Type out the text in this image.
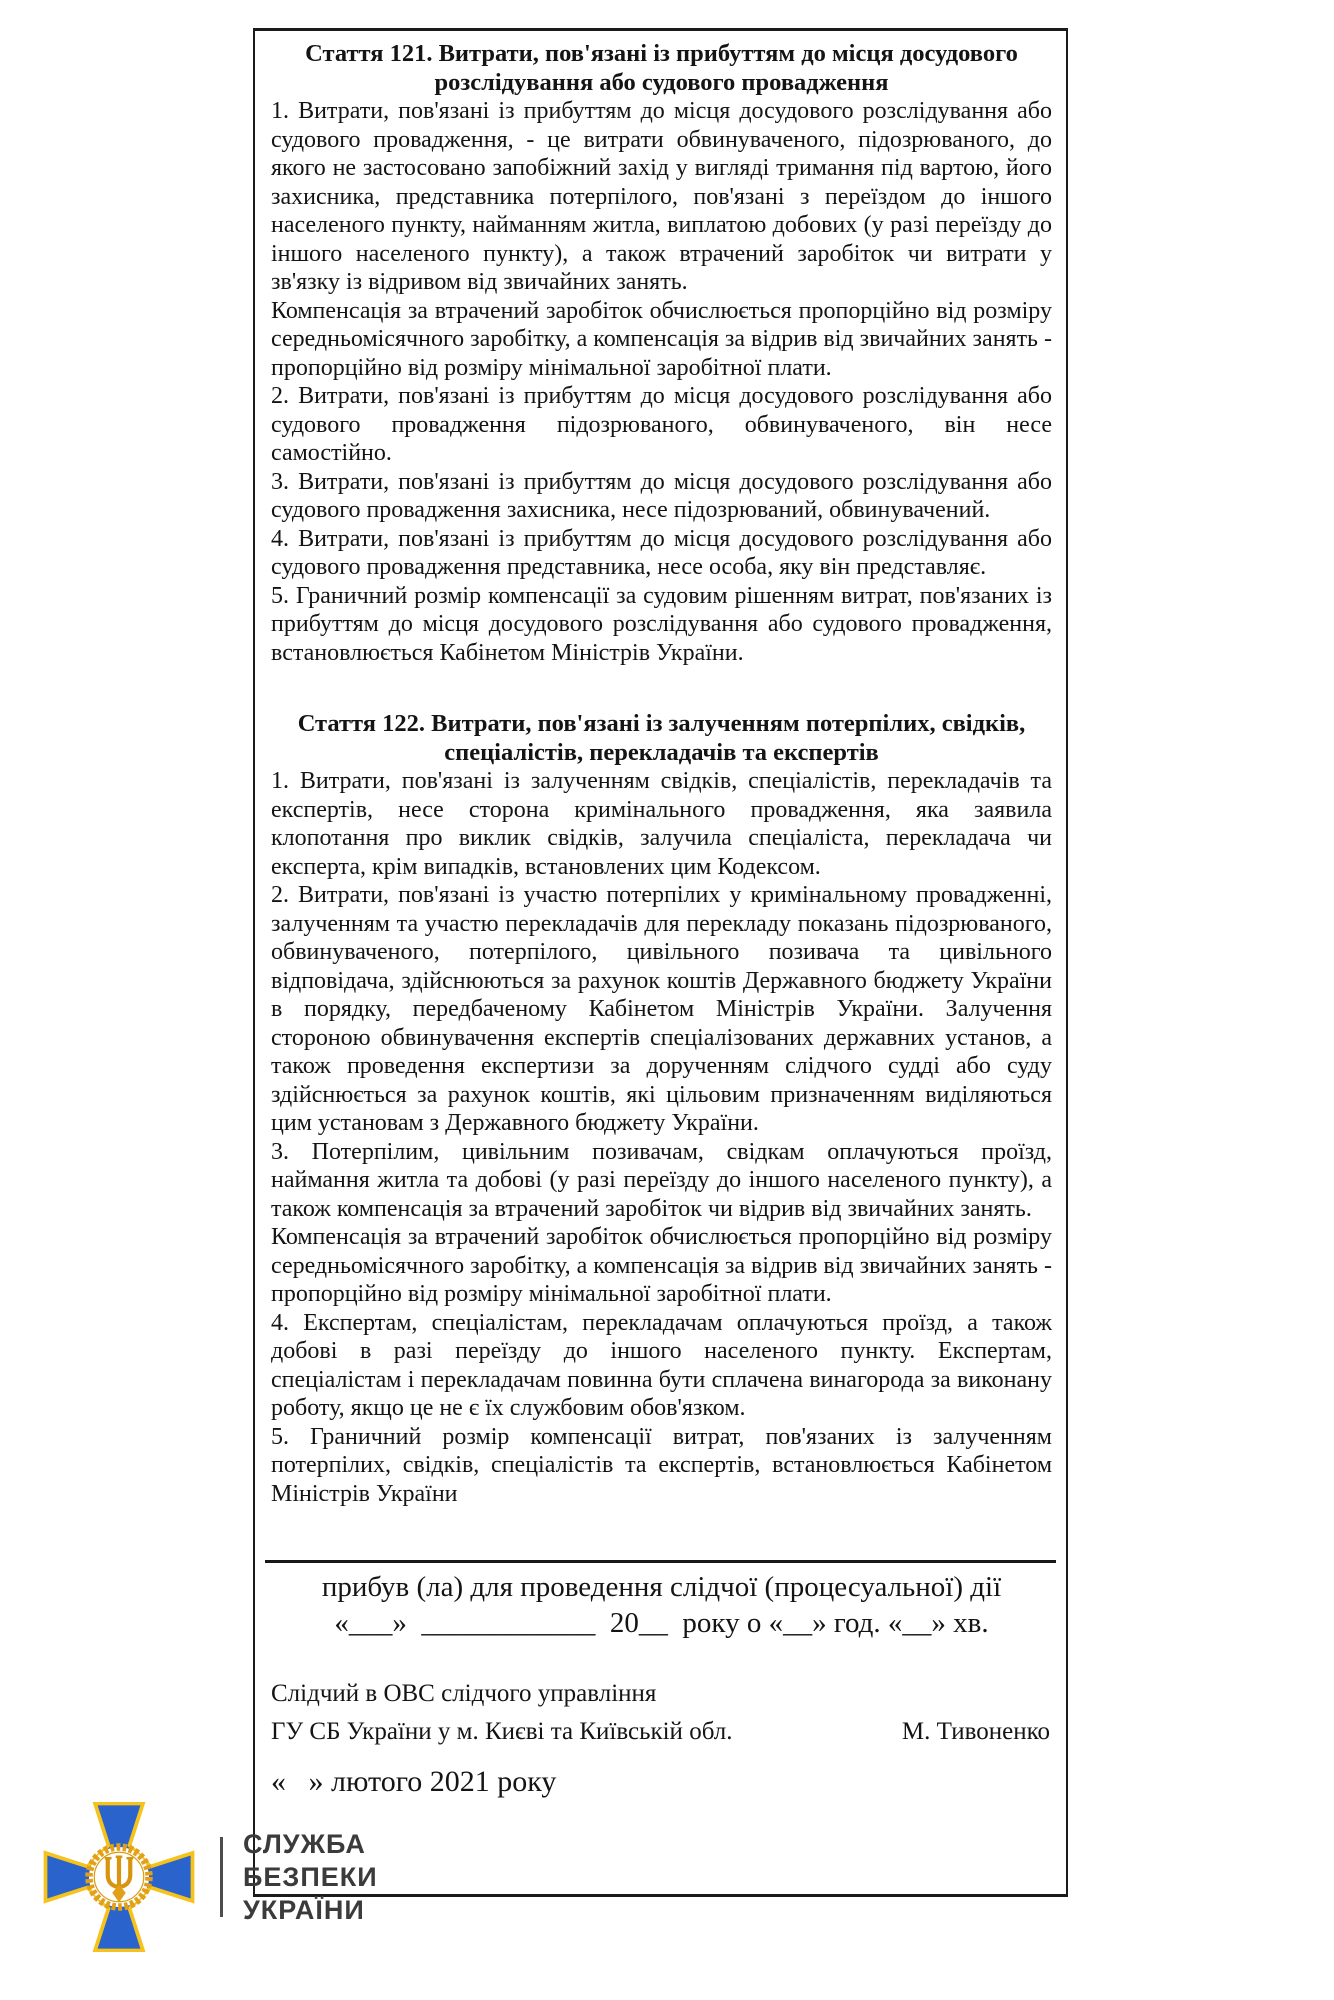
Стаття 121. Витрати, пов'язані із прибуттям до місця досудового розслідування або судового провадження

1. Витрати, пов'язані із прибуттям до місця досудового розслідування або судового провадження, - це витрати обвинуваченого, підозрюваного, до якого не застосовано запобіжний захід у вигляді тримання під вартою, його захисника, представника потерпілого, пов'язані з переїздом до іншого населеного пункту, найманням житла, виплатою добових (у разі переїзду до іншого населеного пункту), а також втрачений заробіток чи витрати у зв'язку із відривом від звичайних занять.

Компенсація за втрачений заробіток обчислюється пропорційно від розміру середньомісячного заробітку, а компенсація за відрив від звичайних занять - пропорційно від розміру мінімальної заробітної плати.

2. Витрати, пов'язані із прибуттям до місця досудового розслідування або судового провадження підозрюваного, обвинуваченого, він несе самостійно.

3. Витрати, пов'язані із прибуттям до місця досудового розслідування або судового провадження захисника, несе підозрюваний, обвинувачений.

4. Витрати, пов'язані із прибуттям до місця досудового розслідування або судового провадження представника, несе особа, яку він представляє.

5. Граничний розмір компенсації за судовим рішенням витрат, пов'язаних із прибуттям до місця досудового розслідування або судового провадження, встановлюється Кабінетом Міністрів України.

Стаття 122. Витрати, пов'язані із залученням потерпілих, свідків, спеціалістів, перекладачів та експертів

1. Витрати, пов'язані із залученням свідків, спеціалістів, перекладачів та експертів, несе сторона кримінального провадження, яка заявила клопотання про виклик свідків, залучила спеціаліста, перекладача чи експерта, крім випадків, встановлених цим Кодексом.

2. Витрати, пов'язані із участю потерпілих у кримінальному провадженні, залученням та участю перекладачів для перекладу показань підозрюваного, обвинуваченого, потерпілого, цивільного позивача та цивільного відповідача, здійснюються за рахунок коштів Державного бюджету України в порядку, передбаченому Кабінетом Міністрів України. Залучення стороною обвинувачення експертів спеціалізованих державних установ, а також проведення експертизи за дорученням слідчого судді або суду здійснюється за рахунок коштів, які цільовим призначенням виділяються цим установам з Державного бюджету України.

3. Потерпілим, цивільним позивачам, свідкам оплачуються проїзд, наймання житла та добові (у разі переїзду до іншого населеного пункту), а також компенсація за втрачений заробіток чи відрив від звичайних занять.

Компенсація за втрачений заробіток обчислюється пропорційно від розміру середньомісячного заробітку, а компенсація за відрив від звичайних занять - пропорційно від розміру мінімальної заробітної плати.

4. Експертам, спеціалістам, перекладачам оплачуються проїзд, а також добові в разі переїзду до іншого населеного пункту. Експертам, спеціалістам і перекладачам повинна бути сплачена винагорода за виконану роботу, якщо це не є їх службовим обов'язком.

5. Граничний розмір компенсації витрат, пов'язаних із залученням потерпілих, свідків, спеціалістів та експертів, встановлюється Кабінетом Міністрів України

прибув (ла) для проведення слідчої (процесуальної) дії
«___»  ____________  20__  року о «__» год. «__» хв.
Слідчий в ОВС слідчого управління
ГУ СБ України у м. Києві та Київській обл.	М. Тивоненко
«   » лютого 2021 року
СЛУЖБА
БЕЗПЕКИ
УКРАЇНИ
